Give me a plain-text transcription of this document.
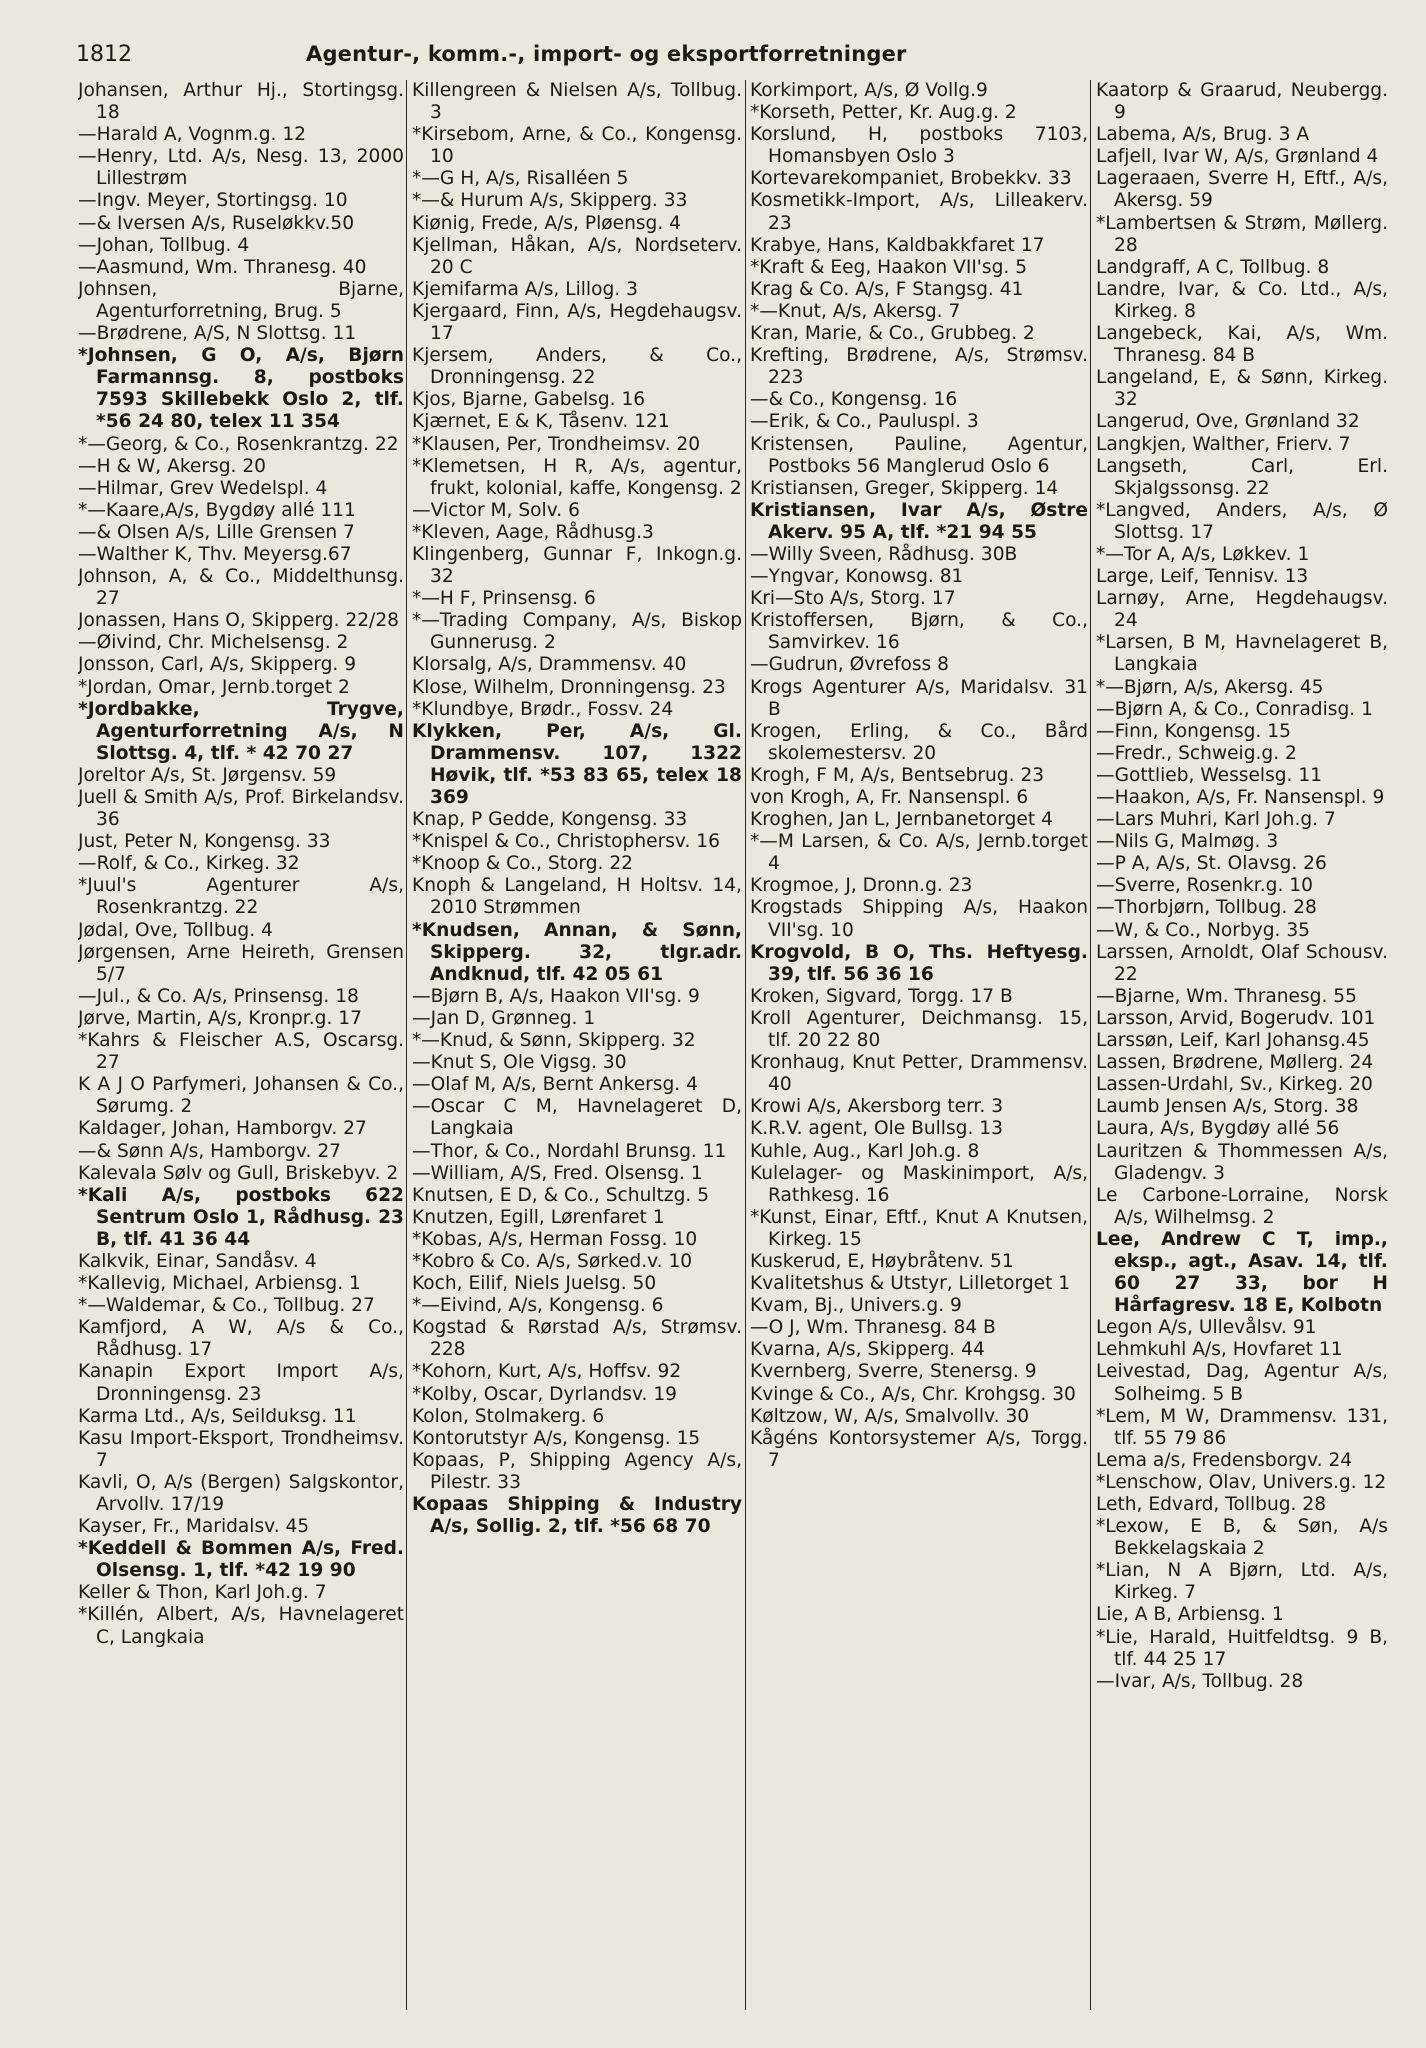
1812	Agentur-, komm.-, import- og eksportforretninger

Johansen, Arthur Hj., Stortingsg. 18

—Harald A, Vognm.g. 12

—Henry, Ltd. A/s, Nesg. 13, 2000 Lillestrøm

—Ingv. Meyer, Stortingsg. 10

—& Iversen A/s, Ruseløkkv.50

—Johan, Tollbug. 4

—Aasmund, Wm. Thranesg. 40

Johnsen, Bjarne, Agenturforretning, Brug. 5

—Brødrene, A/S, N Slottsg. 11

*Johnsen, G O, A/s, Bjørn Farmannsg. 8, postboks 7593 Skillebekk Oslo 2, tlf. *56 24 80, telex 11 354

*—Georg, & Co., Rosenkrantzg. 22

—H & W, Akersg. 20

—Hilmar, Grev Wedelspl. 4

*—Kaare,A/s, Bygdøy allé 111

—& Olsen A/s, Lille Grensen 7

—Walther K, Thv. Meyersg.67

Johnson, A, & Co., Middelthunsg. 27

Jonassen, Hans O, Skipperg. 22/28

—Øivind, Chr. Michelsensg. 2

Jonsson, Carl, A/s, Skipperg. 9

*Jordan, Omar, Jernb.torget 2

*Jordbakke, Trygve, Agenturforretning A/s, N Slottsg. 4, tlf. * 42 70 27

Joreltor A/s, St. Jørgensv. 59

Juell & Smith A/s, Prof. Birkelandsv. 36

Just, Peter N, Kongensg. 33

—Rolf, & Co., Kirkeg. 32

*Juul's Agenturer A/s, Rosenkrantzg. 22

Jødal, Ove, Tollbug. 4

Jørgensen, Arne Heireth, Grensen 5/7

—Jul., & Co. A/s, Prinsensg. 18

Jørve, Martin, A/s, Kronpr.g. 17

*Kahrs & Fleischer A.S, Oscarsg. 27

K A J O Parfymeri, Johansen & Co., Sørumg. 2

Kaldager, Johan, Hamborgv. 27

—& Sønn A/s, Hamborgv. 27

Kalevala Sølv og Gull, Briskebyv. 2

*Kali A/s, postboks 622 Sentrum Oslo 1, Rådhusg. 23 B, tlf. 41 36 44

Kalkvik, Einar, Sandåsv. 4

*Kallevig, Michael, Arbiensg. 1

*—Waldemar, & Co., Tollbug. 27

Kamfjord, A W, A/s & Co., Rådhusg. 17

Kanapin Export Import A/s, Dronningensg. 23

Karma Ltd., A/s, Seilduksg. 11

Kasu Import-Eksport, Trondheimsv. 7

Kavli, O, A/s (Bergen) Salgskontor, Arvollv. 17/19

Kayser, Fr., Maridalsv. 45

*Keddell & Bommen A/s, Fred. Olsensg. 1, tlf. *42 19 90

Keller & Thon, Karl Joh.g. 7

*Killén, Albert, A/s, Havnelageret C, Langkaia

Killengreen & Nielsen A/s, Tollbug. 3

*Kirsebom, Arne, & Co., Kongensg. 10

*—G H, A/s, Risalléen 5

*—& Hurum A/s, Skipperg. 33

Kiønig, Frede, A/s, Pløensg. 4

Kjellman, Håkan, A/s, Nordseterv. 20 C

Kjemifarma A/s, Lillog. 3

Kjergaard, Finn, A/s, Hegdehaugsv. 17

Kjersem, Anders, & Co., Dronningensg. 22

Kjos, Bjarne, Gabelsg. 16

Kjærnet, E & K, Tåsenv. 121

*Klausen, Per, Trondheimsv. 20

*Klemetsen, H R, A/s, agentur, frukt, kolonial, kaffe, Kongensg. 2

—Victor M, Solv. 6

*Kleven, Aage, Rådhusg.3

Klingenberg, Gunnar F, Inkogn.g. 32

*—H F, Prinsensg. 6

*—Trading Company, A/s, Biskop Gunnerusg. 2

Klorsalg, A/s, Drammensv. 40

Klose, Wilhelm, Dronningensg. 23

*Klundbye, Brødr., Fossv. 24

Klykken, Per, A/s, Gl. Drammensv. 107, 1322 Høvik, tlf. *53 83 65, telex 18 369

Knap, P Gedde, Kongensg. 33

*Knispel & Co., Christophersv. 16

*Knoop & Co., Storg. 22

Knoph & Langeland, H Holtsv. 14, 2010 Strømmen

*Knudsen, Annan, & Sønn, Skipperg. 32, tlgr.adr. Andknud, tlf. 42 05 61

—Bjørn B, A/s, Haakon VII'sg. 9

—Jan D, Grønneg. 1

*—Knud, & Sønn, Skipperg. 32

—Knut S, Ole Vigsg. 30

—Olaf M, A/s, Bernt Ankersg. 4

—Oscar C M, Havnelageret D, Langkaia

—Thor, & Co., Nordahl Brunsg. 11

—William, A/S, Fred. Olsensg. 1

Knutsen, E D, & Co., Schultzg. 5

Knutzen, Egill, Lørenfaret 1

*Kobas, A/s, Herman Fossg. 10

*Kobro & Co. A/s, Sørked.v. 10

Koch, Eilif, Niels Juelsg. 50

*—Eivind, A/s, Kongensg. 6

Kogstad & Rørstad A/s, Strømsv. 228

*Kohorn, Kurt, A/s, Hoffsv. 92

*Kolby, Oscar, Dyrlandsv. 19

Kolon, Stolmakerg. 6

Kontorutstyr A/s, Kongensg. 15

Kopaas, P, Shipping Agency A/s, Pilestr. 33

Kopaas Shipping & Industry A/s, Sollig. 2, tlf. *56 68 70

Korkimport, A/s, Ø Vollg.9

*Korseth, Petter, Kr. Aug.g. 2

Korslund, H, postboks 7103, Homansbyen Oslo 3

Kortevarekompaniet, Brobekkv. 33

Kosmetikk-Import, A/s, Lilleakerv. 23

Krabye, Hans, Kaldbakkfaret 17

*Kraft & Eeg, Haakon VII'sg. 5

Krag & Co. A/s, F Stangsg. 41

*—Knut, A/s, Akersg. 7

Kran, Marie, & Co., Grubbeg. 2

Krefting, Brødrene, A/s, Strømsv. 223

—& Co., Kongensg. 16

—Erik, & Co., Pauluspl. 3

Kristensen, Pauline, Agentur, Postboks 56 Manglerud Oslo 6

Kristiansen, Greger, Skipperg. 14

Kristiansen, Ivar A/s, Østre Akerv. 95 A, tlf. *21 94 55

—Willy Sveen, Rådhusg. 30B

—Yngvar, Konowsg. 81

Kri—Sto A/s, Storg. 17

Kristoffersen, Bjørn, & Co., Samvirkev. 16

—Gudrun, Øvrefoss 8

Krogs Agenturer A/s, Maridalsv. 31 B

Krogen, Erling, & Co., Bård skolemestersv. 20

Krogh, F M, A/s, Bentsebrug. 23

von Krogh, A, Fr. Nansenspl. 6

Kroghen, Jan L, Jernbanetorget 4

*—M Larsen, & Co. A/s, Jernb.torget 4

Krogmoe, J, Dronn.g. 23

Krogstads Shipping A/s, Haakon VII'sg. 10

Krogvold, B O, Ths. Heftyesg. 39, tlf. 56 36 16

Kroken, Sigvard, Torgg. 17 B

Kroll Agenturer, Deichmansg. 15, tlf. 20 22 80

Kronhaug, Knut Petter, Drammensv. 40

Krowi A/s, Akersborg terr. 3

K.R.V. agent, Ole Bullsg. 13

Kuhle, Aug., Karl Joh.g. 8

Kulelager- og Maskinimport, A/s, Rathkesg. 16

*Kunst, Einar, Eftf., Knut A Knutsen, Kirkeg. 15

Kuskerud, E, Høybråtenv. 51

Kvalitetshus & Utstyr, Lilletorget 1

Kvam, Bj., Univers.g. 9

—O J, Wm. Thranesg. 84 B

Kvarna, A/s, Skipperg. 44

Kvernberg, Sverre, Stenersg. 9

Kvinge & Co., A/s, Chr. Krohgsg. 30

Køltzow, W, A/s, Smalvollv. 30

Kågéns Kontorsystemer A/s, Torgg. 7

Kaatorp & Graarud, Neubergg. 9

Labema, A/s, Brug. 3 A

Lafjell, Ivar W, A/s, Grønland 4

Lageraaen, Sverre H, Eftf., A/s, Akersg. 59

*Lambertsen & Strøm, Møllerg. 28

Landgraff, A C, Tollbug. 8

Landre, Ivar, & Co. Ltd., A/s, Kirkeg. 8

Langebeck, Kai, A/s, Wm. Thranesg. 84 B

Langeland, E, & Sønn, Kirkeg. 32

Langerud, Ove, Grønland 32

Langkjen, Walther, Frierv. 7

Langseth, Carl, Erl. Skjalgssonsg. 22

*Langved, Anders, A/s, Ø Slottsg. 17

*—Tor A, A/s, Løkkev. 1

Large, Leif, Tennisv. 13

Larnøy, Arne, Hegdehaugsv. 24

*Larsen, B M, Havnelageret B, Langkaia

*—Bjørn, A/s, Akersg. 45

—Bjørn A, & Co., Conradisg. 1

—Finn, Kongensg. 15

—Fredr., Schweig.g. 2

—Gottlieb, Wesselsg. 11

—Haakon, A/s, Fr. Nansenspl. 9

—Lars Muhri, Karl Joh.g. 7

—Nils G, Malmøg. 3

—P A, A/s, St. Olavsg. 26

—Sverre, Rosenkr.g. 10

—Thorbjørn, Tollbug. 28

—W, & Co., Norbyg. 35

Larssen, Arnoldt, Olaf Schousv. 22

—Bjarne, Wm. Thranesg. 55

Larsson, Arvid, Bogerudv. 101

Larssøn, Leif, Karl Johansg.45

Lassen, Brødrene, Møllerg. 24

Lassen-Urdahl, Sv., Kirkeg. 20

Laumb Jensen A/s, Storg. 38

Laura, A/s, Bygdøy allé 56

Lauritzen & Thommessen A/s, Gladengv. 3

Le Carbone-Lorraine, Norsk A/s, Wilhelmsg. 2

Lee, Andrew C T, imp., eksp., agt., Asav. 14, tlf. 60 27 33, bor H Hårfagresv. 18 E, Kolbotn

Legon A/s, Ullevålsv. 91

Lehmkuhl A/s, Hovfaret 11

Leivestad, Dag, Agentur A/s, Solheimg. 5 B

*Lem, M W, Drammensv. 131, tlf. 55 79 86

Lema a/s, Fredensborgv. 24

*Lenschow, Olav, Univers.g. 12

Leth, Edvard, Tollbug. 28

*Lexow, E B, & Søn, A/s Bekkelagskaia 2

*Lian, N A Bjørn, Ltd. A/s, Kirkeg. 7

Lie, A B, Arbiensg. 1

*Lie, Harald, Huitfeldtsg. 9 B, tlf. 44 25 17

—Ivar, A/s, Tollbug. 28
